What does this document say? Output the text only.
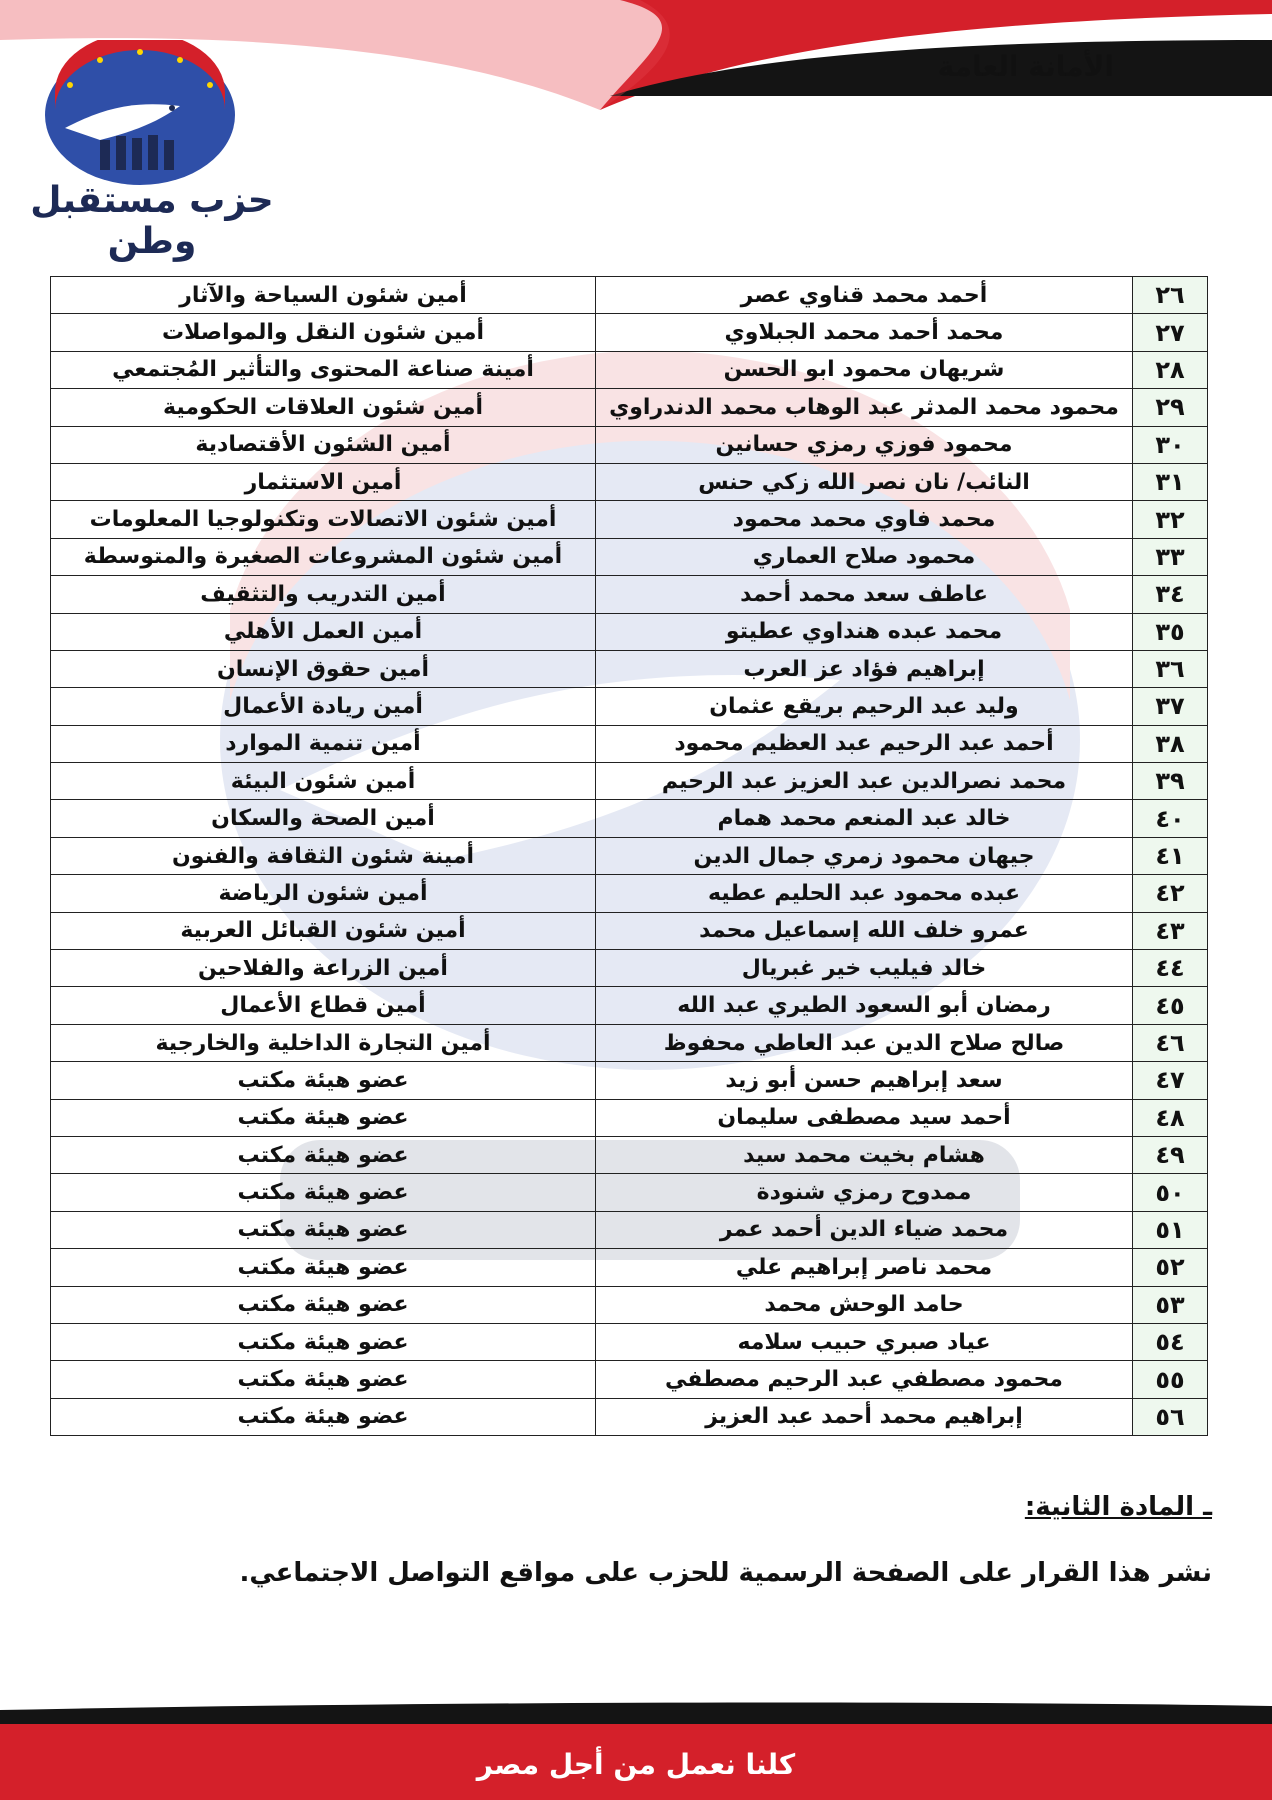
الأمانة العامة
حزب مستقبل وطن
٢٦	أحمد محمد قناوي عصر	أمين شئون السياحة والآثار
٢٧	محمد أحمد محمد الجبلاوي	أمين شئون النقل والمواصلات
٢٨	شريهان محمود ابو الحسن	أمينة صناعة المحتوى والتأثير المُجتمعي
٢٩	محمود محمد المدثر عبد الوهاب محمد الدندراوي	أمين شئون العلاقات الحكومية
٣٠	محمود فوزي رمزي حسانين	أمين الشئون الأقتصادية
٣١	النائب/ نان نصر الله زكي حنس	أمين الاستثمار
٣٢	محمد فاوي محمد محمود	أمين شئون الاتصالات وتكنولوجيا المعلومات
٣٣	محمود صلاح العماري	أمين شئون المشروعات الصغيرة والمتوسطة
٣٤	عاطف سعد محمد أحمد	أمين التدريب والتثقيف
٣٥	محمد عبده هنداوي عطيتو	أمين العمل الأهلي
٣٦	إبراهيم فؤاد عز العرب	أمين حقوق الإنسان
٣٧	وليد عبد الرحيم بريقع عثمان	أمين ريادة الأعمال
٣٨	أحمد عبد الرحيم عبد العظيم محمود	أمين تنمية الموارد
٣٩	محمد نصرالدين عبد العزيز عبد الرحيم	أمين شئون البيئة
٤٠	خالد عبد المنعم محمد همام	أمين الصحة والسكان
٤١	جيهان محمود زمري جمال الدين	أمينة شئون الثقافة والفنون
٤٢	عبده محمود عبد الحليم عطيه	أمين شئون الرياضة
٤٣	عمرو خلف الله إسماعيل محمد	أمين شئون القبائل العربية
٤٤	خالد فيليب خير غبريال	أمين الزراعة والفلاحين
٤٥	رمضان أبو السعود الطيري عبد الله	أمين قطاع الأعمال
٤٦	صالح صلاح الدين عبد العاطي محفوظ	أمين التجارة الداخلية والخارجية
٤٧	سعد إبراهيم حسن أبو زيد	عضو هيئة مكتب
٤٨	أحمد سيد مصطفى سليمان	عضو هيئة مكتب
٤٩	هشام بخيت محمد سيد	عضو هيئة مكتب
٥٠	ممدوح رمزي شنودة	عضو هيئة مكتب
٥١	محمد ضياء الدين أحمد عمر	عضو هيئة مكتب
٥٢	محمد ناصر إبراهيم علي	عضو هيئة مكتب
٥٣	حامد الوحش محمد	عضو هيئة مكتب
٥٤	عياد صبري حبيب سلامه	عضو هيئة مكتب
٥٥	محمود مصطفي عبد الرحيم مصطفي	عضو هيئة مكتب
٥٦	إبراهيم محمد أحمد عبد العزيز	عضو هيئة مكتب
ـ المادة الثانية:
نشر هذا القرار على الصفحة الرسمية للحزب على مواقع التواصل الاجتماعي.
كلنا نعمل من أجل مصر
